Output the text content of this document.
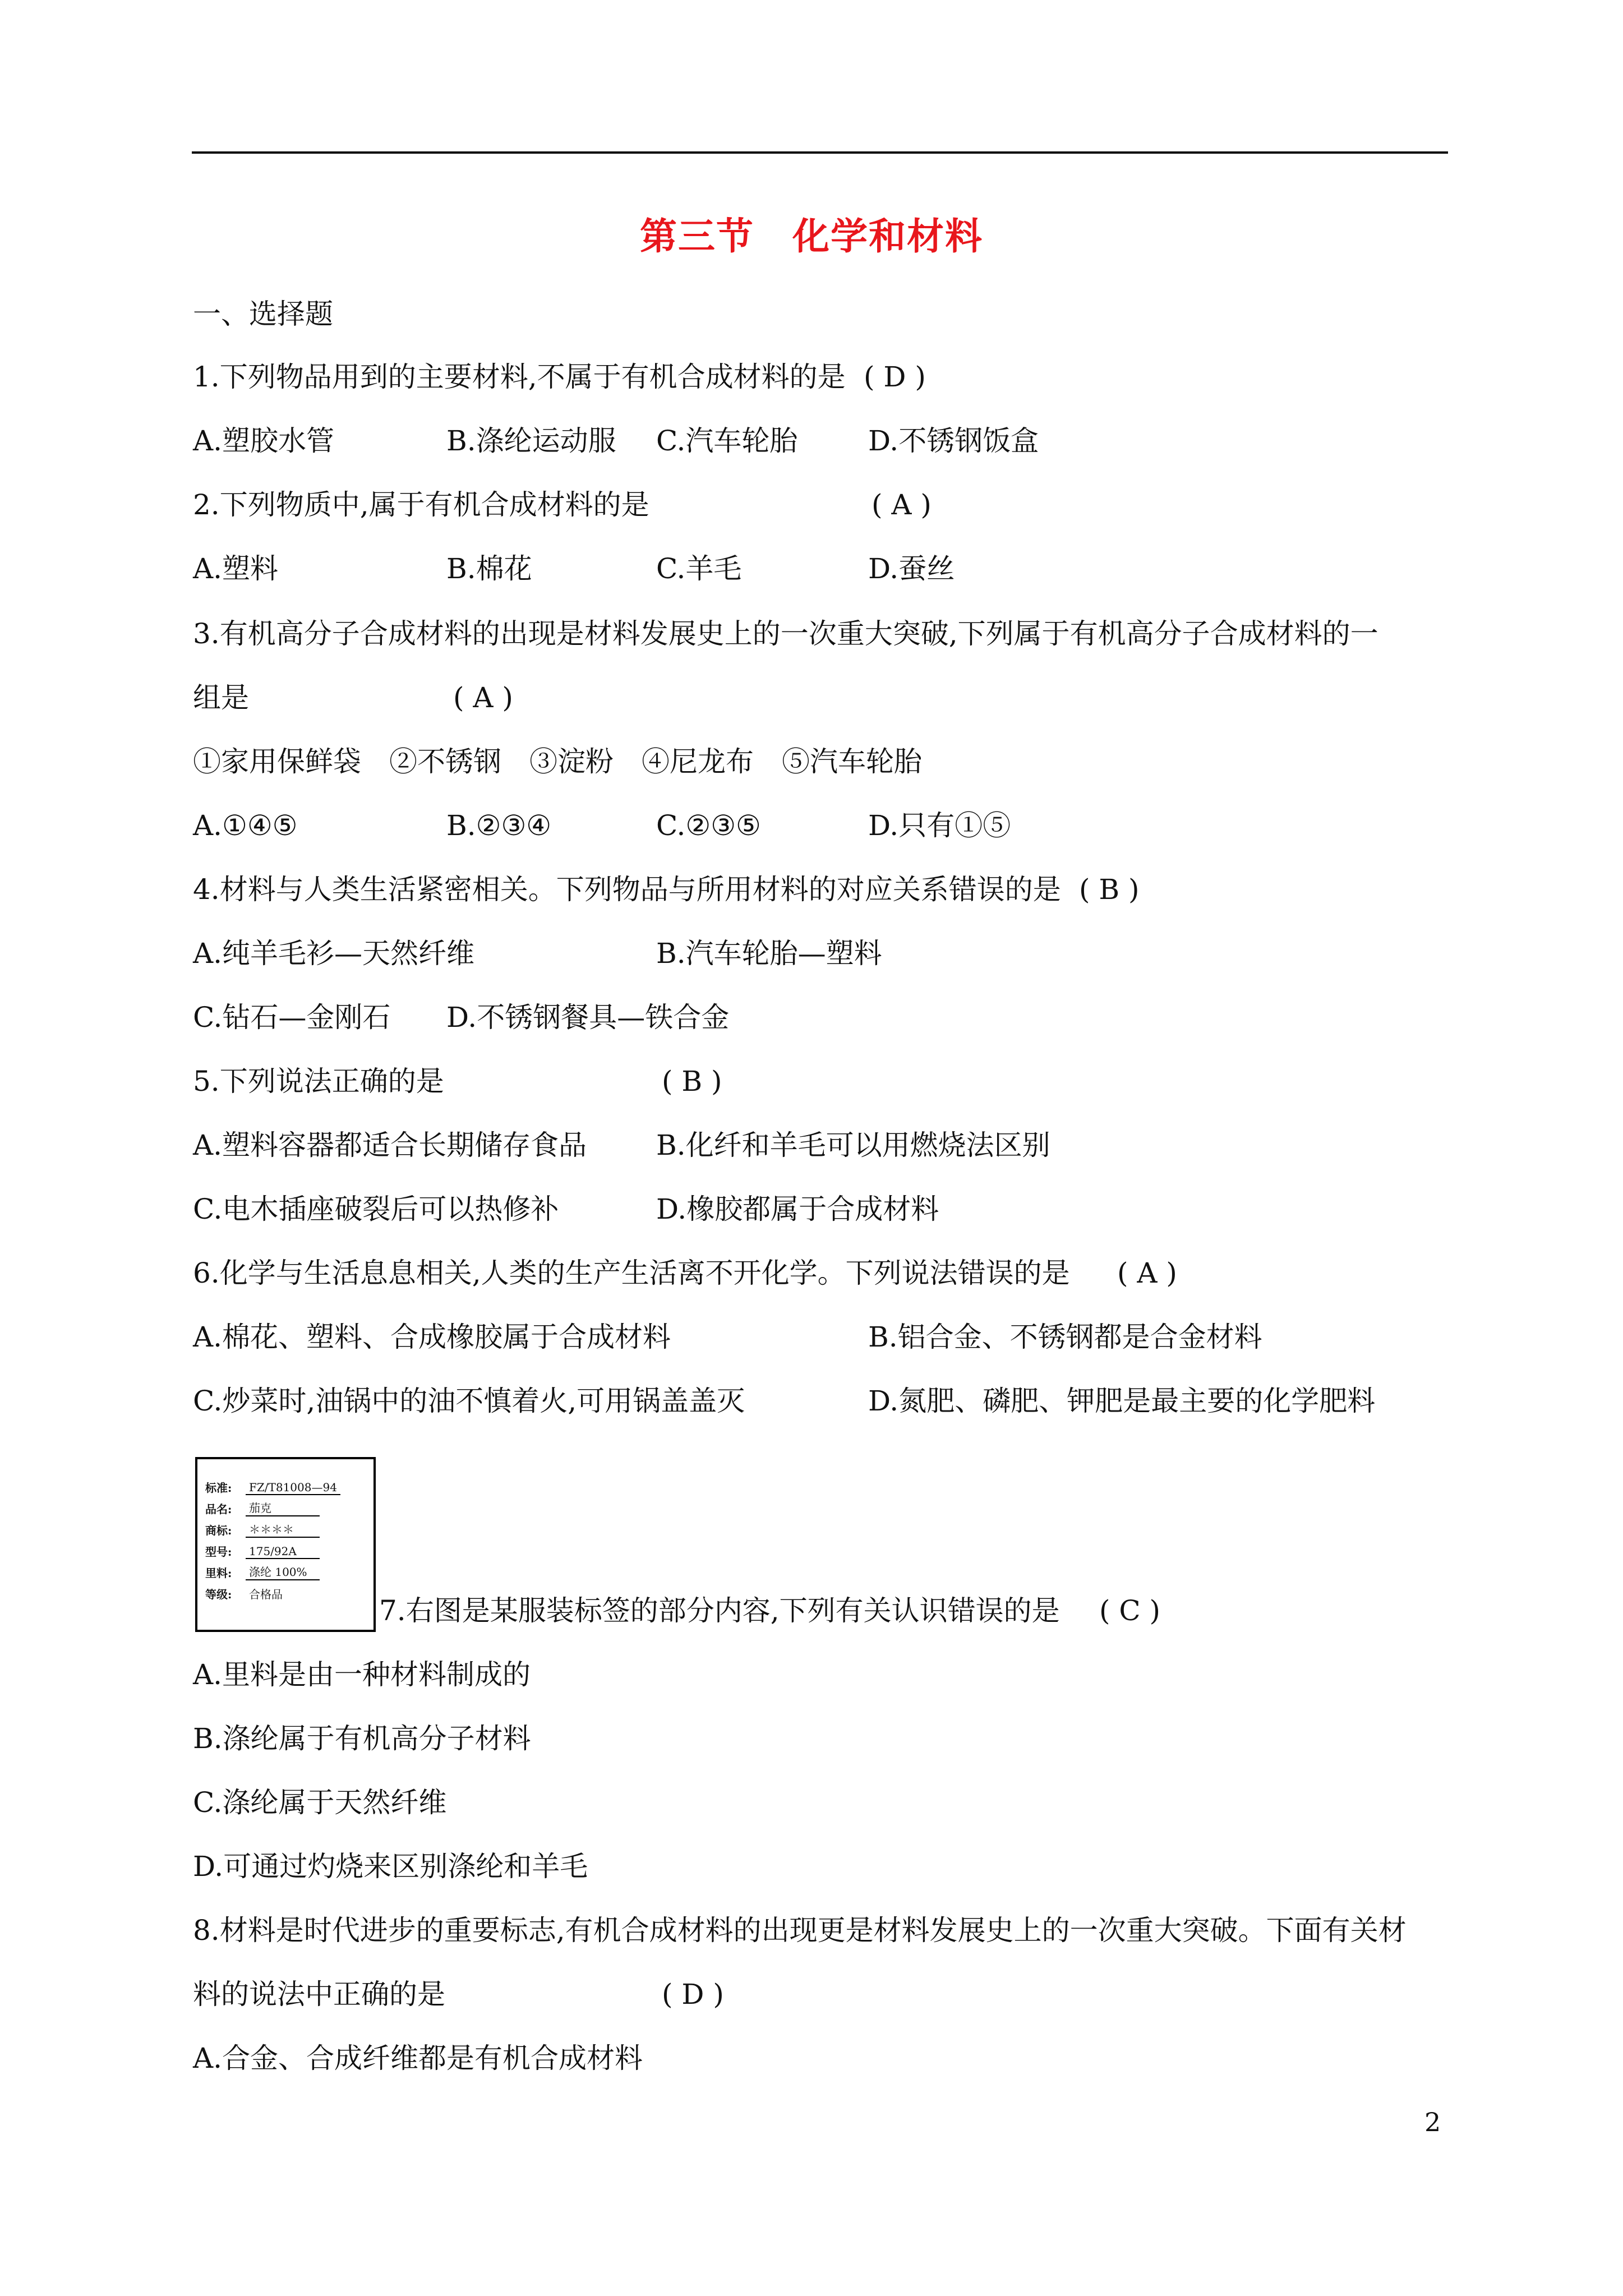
第三节　化学和材料
一、选择题
1.下列物品用到的主要材料,不属于有机合成材料的是 ( D )
A.塑胶水管	B.涤纶运动服 C.汽车轮胎	D.不锈钢饭盒
2.下列物质中,属于有机合成材料的是	( A )
A.塑料	B.棉花	C.羊毛	D.蚕丝
3.有机高分子合成材料的出现是材料发展史上的一次重大突破,下列属于有机高分子合成材料的一
组是	( A )
①家用保鲜袋　②不锈钢　③淀粉　④尼龙布　⑤汽车轮胎
A.①④⑤	B.②③④	C.②③⑤	D.只有①⑤
4.材料与人类生活紧密相关。下列物品与所用材料的对应关系错误的是 ( B )
A.纯羊毛衫—天然纤维	B.汽车轮胎—塑料
C.钻石—金刚石 D.不锈钢餐具—铁合金
5.下列说法正确的是	( B )
A.塑料容器都适合长期储存食品 B.化纤和羊毛可以用燃烧法区别
C.电木插座破裂后可以热修补	D.橡胶都属于合成材料
6.化学与生活息息相关,人类的生产生活离不开化学。下列说法错误的是 ( A )
A.棉花、塑料、合成橡胶属于合成材料	B.铝合金、不锈钢都是合金材料
C.炒菜时,油锅中的油不慎着火,可用锅盖盖灭	D.氮肥、磷肥、钾肥是最主要的化学肥料
标准:	FZ/T81008—94
品名:	茄克
商标:	＊＊＊＊
型号:	175/92A
里料:	涤纶 100%
等级:	合格品	7.右图是某服装标签的部分内容,下列有关认识错误的是 ( C )
A.里料是由一种材料制成的
B.涤纶属于有机高分子材料
C.涤纶属于天然纤维
D.可通过灼烧来区别涤纶和羊毛
8.材料是时代进步的重要标志,有机合成材料的出现更是材料发展史上的一次重大突破。下面有关材
料的说法中正确的是	( D )
A.合金、合成纤维都是有机合成材料
2
